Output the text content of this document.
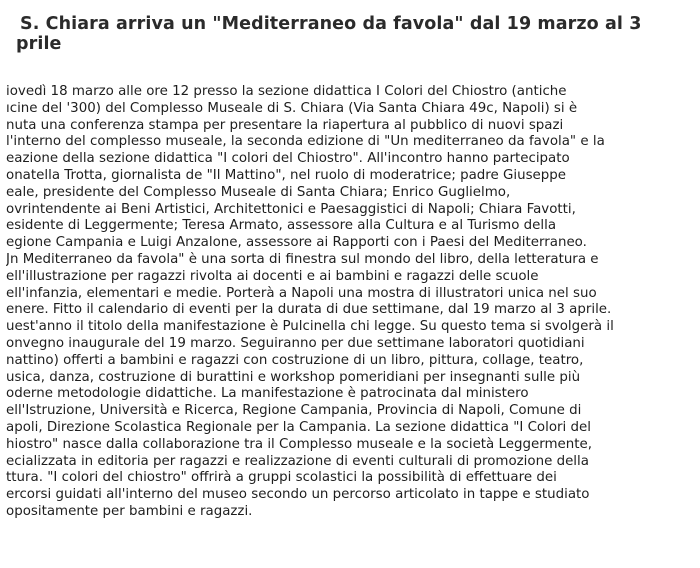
S. Chiara arriva un "Mediterraneo da favola" dal 19 marzo al 3
prile
iovedì 18 marzo alle ore 12 presso la sezione didattica I Colori del Chiostro (antiche
ıcine del '300) del Complesso Museale di S. Chiara (Via Santa Chiara 49c, Napoli) si è
nuta una conferenza stampa per presentare la riapertura al pubblico di nuovi spazi
l'interno del complesso museale, la seconda edizione di "Un mediterraneo da favola" e la
eazione della sezione didattica "I colori del Chiostro". All'incontro hanno partecipato
onatella Trotta, giornalista de "Il Mattino", nel ruolo di moderatrice; padre Giuseppe
eale, presidente del Complesso Museale di Santa Chiara; Enrico Guglielmo,
ovrintendente ai Beni Artistici, Architettonici e Paesaggistici di Napoli; Chiara Favotti,
esidente di Leggermente; Teresa Armato, assessore alla Cultura e al Turismo della
egione Campania e Luigi Anzalone, assessore ai Rapporti con i Paesi del Mediterraneo.
Jn Mediterraneo da favola" è una sorta di finestra sul mondo del libro, della letteratura e
ell'illustrazione per ragazzi rivolta ai docenti e ai bambini e ragazzi delle scuole
ell'infanzia, elementari e medie. Porterà a Napoli una mostra di illustratori unica nel suo
enere. Fitto il calendario di eventi per la durata di due settimane, dal 19 marzo al 3 aprile.
uest'anno il titolo della manifestazione è Pulcinella chi legge. Su questo tema si svolgerà il
onvegno inaugurale del 19 marzo. Seguiranno per due settimane laboratori quotidiani
nattino) offerti a bambini e ragazzi con costruzione di un libro, pittura, collage, teatro,
usica, danza, costruzione di burattini e workshop pomeridiani per insegnanti sulle più
oderne metodologie didattiche. La manifestazione è patrocinata dal ministero
ell'Istruzione, Università e Ricerca, Regione Campania, Provincia di Napoli, Comune di
apoli, Direzione Scolastica Regionale per la Campania. La sezione didattica "I Colori del
hiostro" nasce dalla collaborazione tra il Complesso museale e la società Leggermente,
ecializzata in editoria per ragazzi e realizzazione di eventi culturali di promozione della
ttura. "I colori del chiostro" offrirà a gruppi scolastici la possibilità di effettuare dei
ercorsi guidati all'interno del museo secondo un percorso articolato in tappe e studiato
opositamente per bambini e ragazzi.
